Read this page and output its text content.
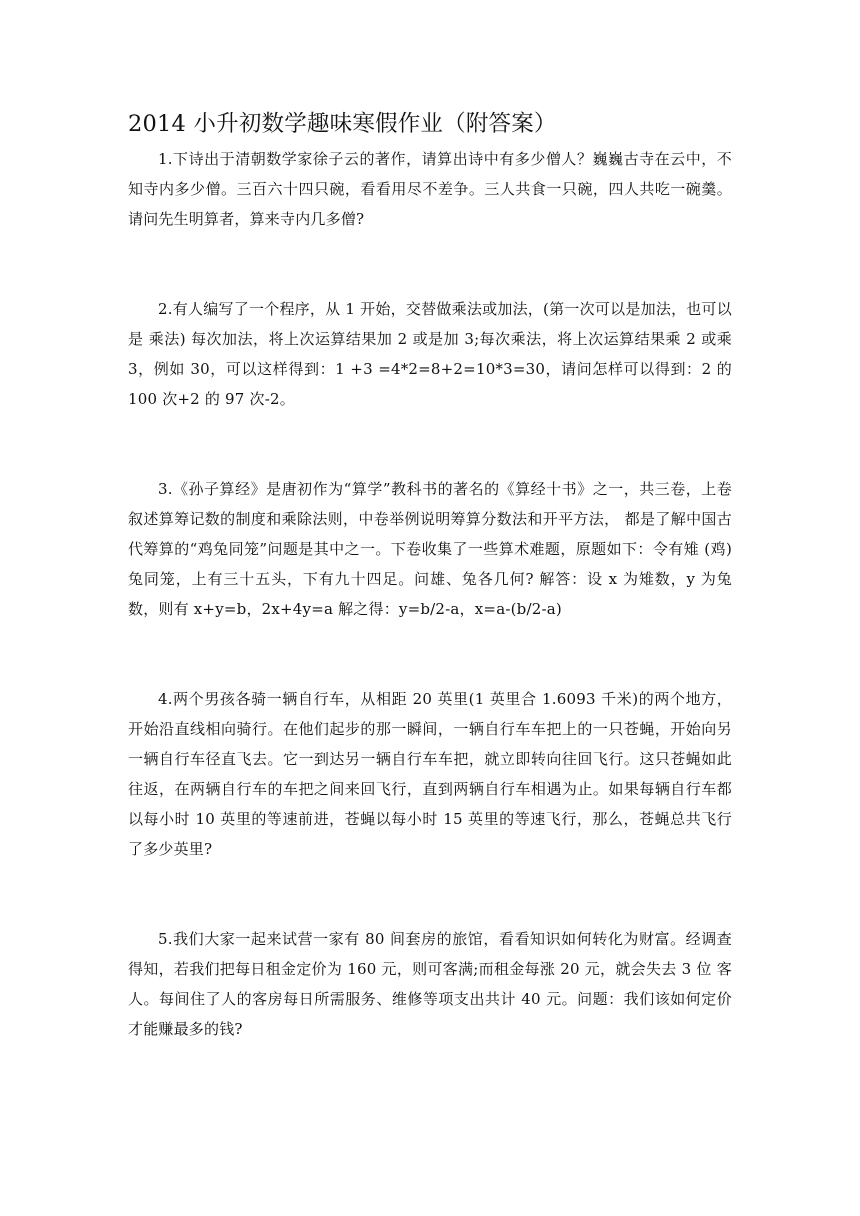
2014 小升初数学趣味寒假作业（附答案）

1.下诗出于清朝数学家徐子云的著作，请算出诗中有多少僧人？巍巍古寺在云中，不知寺内多少僧。三百六十四只碗，看看用尽不差争。三人共食一只碗，四人共吃一碗羹。请问先生明算者，算来寺内几多僧?

2.有人编写了一个程序，从 1 开始，交替做乘法或加法，(第一次可以是加法，也可以是 乘法) 每次加法，将上次运算结果加 2 或是加 3;每次乘法，将上次运算结果乘 2 或乘 3，例如 30，可以这样得到：1 +3 =4*2=8+2=10*3=30，请问怎样可以得到：2 的 100 次+2 的 97 次-2。

3.《孙子算经》是唐初作为“算学”教科书的著名的《算经十书》之一，共三卷，上卷叙述算筹记数的制度和乘除法则，中卷举例说明筹算分数法和开平方法， 都是了解中国古代筹算的“鸡兔同笼”问题是其中之一。下卷收集了一些算术难题，原题如下：令有雉 (鸡) 兔同笼，上有三十五头，下有九十四足。问雄、兔各几何? 解答：设 x 为雉数，y 为兔数，则有 x+y=b，2x+4y=a 解之得：y=b/2-a，x=a-(b/2-a)

4.两个男孩各骑一辆自行车，从相距 20 英里(1 英里合 1.6093 千米)的两个地方，开始沿直线相向骑行。在他们起步的那一瞬间，一辆自行车车把上的一只苍蝇，开始向另一辆自行车径直飞去。它一到达另一辆自行车车把，就立即转向往回飞行。这只苍蝇如此往返，在两辆自行车的车把之间来回飞行，直到两辆自行车相遇为止。如果每辆自行车都以每小时 10 英里的等速前进，苍蝇以每小时 15 英里的等速飞行，那么，苍蝇总共飞行了多少英里?

5.我们大家一起来试营一家有 80 间套房的旅馆，看看知识如何转化为财富。经调查得知，若我们把每日租金定价为 160 元，则可客满;而租金每涨 20 元，就会失去 3 位 客人。每间住了人的客房每日所需服务、维修等项支出共计 40 元。问题：我们该如何定价才能赚最多的钱?
